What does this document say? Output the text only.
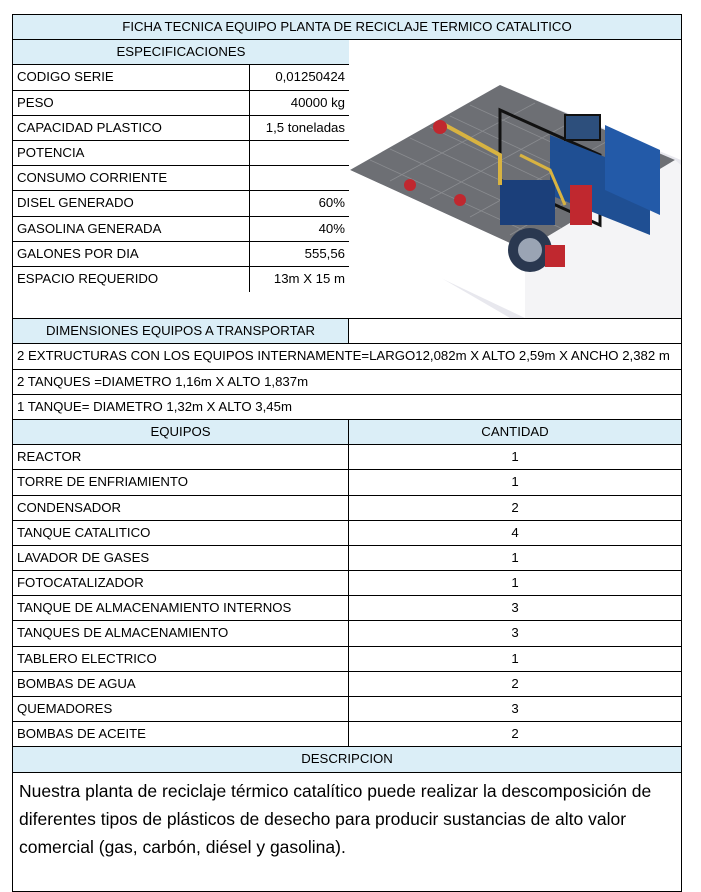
FICHA TECNICA EQUIPO PLANTA DE RECICLAJE TERMICO CATALITICO
ESPECIFICACIONES
CODIGO SERIE	0,01250424
PESO	40000 kg
CAPACIDAD PLASTICO	1,5 toneladas
POTENCIA
CONSUMO CORRIENTE
DISEL GENERADO	60%
GASOLINA GENERADA	40%
GALONES POR DIA	555,56
ESPACIO REQUERIDO	13m X 15 m
DIMENSIONES EQUIPOS A TRANSPORTAR
2 EXTRUCTURAS CON LOS EQUIPOS INTERNAMENTE=LARGO12,082m X ALTO 2,59m X ANCHO 2,382 m
2 TANQUES =DIAMETRO 1,16m X ALTO 1,837m
1 TANQUE= DIAMETRO 1,32m X ALTO 3,45m
EQUIPOS	CANTIDAD
REACTOR	1
TORRE DE ENFRIAMIENTO	1
CONDENSADOR	2
TANQUE CATALITICO	4
LAVADOR DE GASES	1
FOTOCATALIZADOR	1
TANQUE DE ALMACENAMIENTO INTERNOS	3
TANQUES DE ALMACENAMIENTO	3
TABLERO ELECTRICO	1
BOMBAS DE AGUA	2
QUEMADORES	3
BOMBAS DE ACEITE	2
DESCRIPCION
Nuestra planta de reciclaje térmico catalítico puede realizar la descomposición de diferentes tipos de plásticos de desecho para producir sustancias de alto valor comercial (gas, carbón, diésel y gasolina).
